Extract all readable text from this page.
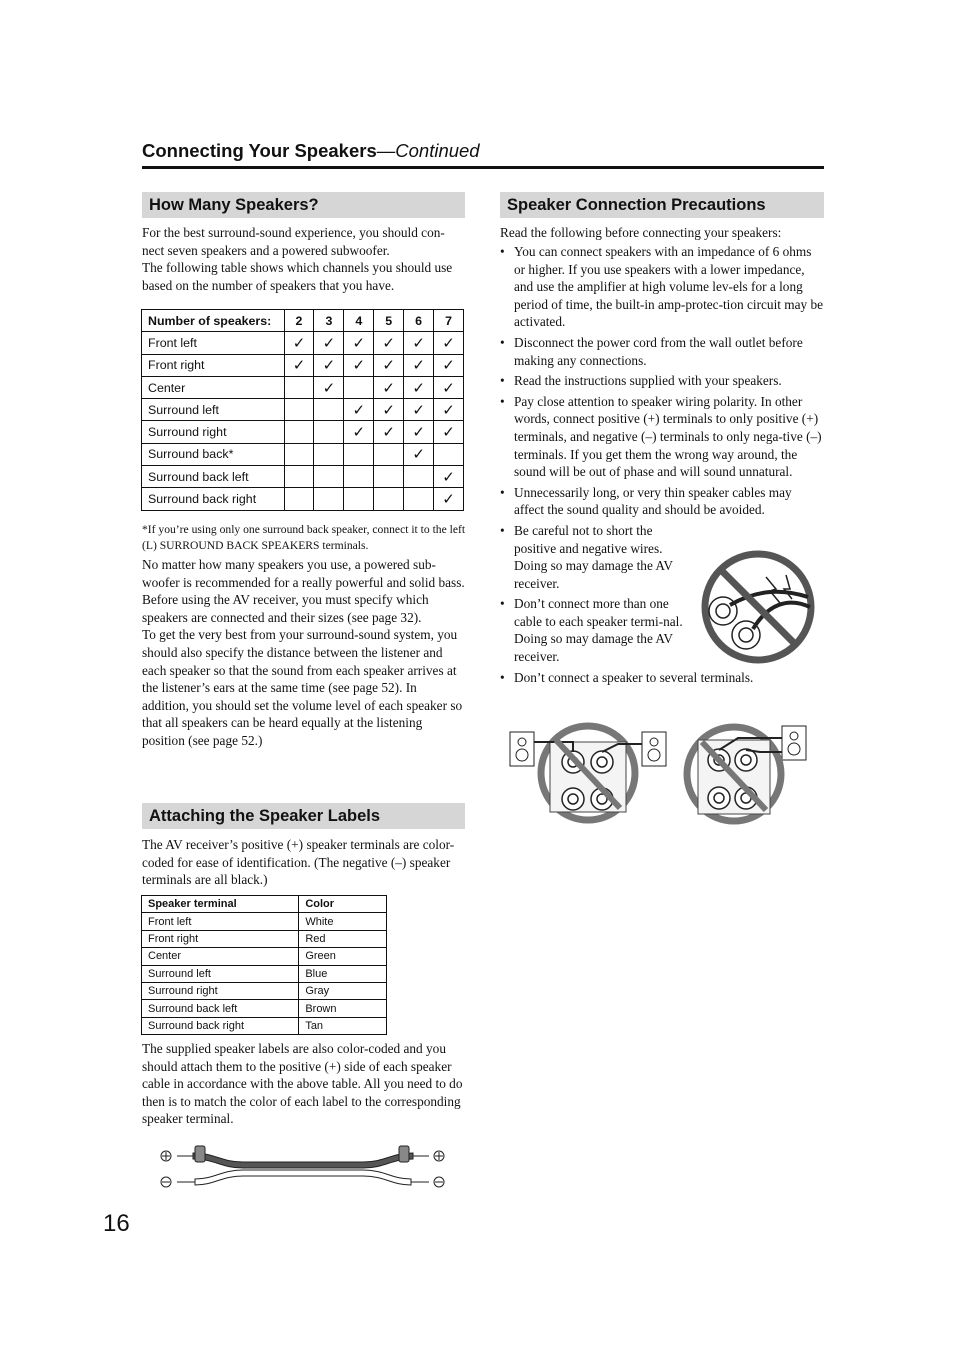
Connecting Your Speakers—Continued
How Many Speakers?

For the best surround-sound experience, you should con-nect seven speakers and a powered subwoofer.

The following table shows which channels you should use based on the number of speakers that you have.

Number of speakers:	2	3	4	5	6	7
Front left	✓	✓	✓	✓	✓	✓
Front right	✓	✓	✓	✓	✓	✓
Center		✓		✓	✓	✓
Surround left			✓	✓	✓	✓
Surround right			✓	✓	✓	✓
Surround back*					✓	
Surround back left						✓
Surround back right						✓
*If you’re using only one surround back speaker, connect it to the left (L) SURROUND BACK SPEAKERS terminals.

No matter how many speakers you use, a powered sub-woofer is recommended for a really powerful and solid bass.

Before using the AV receiver, you must specify which speakers are connected and their sizes (see page 32).

To get the very best from your surround-sound system, you should also specify the distance between the listener and each speaker so that the sound from each speaker arrives at the listener’s ears at the same time (see page 52). In addition, you should set the volume level of each speaker so that all speakers can be heard equally at the listening position (see page 52.)

Attaching the Speaker Labels
The AV receiver’s positive (+) speaker terminals are color-coded for ease of identification. (The negative (–) speaker terminals are all black.)
Speaker terminal	Color
Front left	White
Front right	Red
Center	Green
Surround left	Blue
Surround right	Gray
Surround back left	Brown
Surround back right	Tan
The supplied speaker labels are also color-coded and you should attach them to the positive (+) side of each speaker cable in accordance with the above table. All you need to do then is to match the color of each label to the corresponding speaker terminal.
Speaker Connection Precautions
Read the following before connecting your speakers:
• You can connect speakers with an impedance of 6 ohms or higher. If you use speakers with a lower impedance, and use the amplifier at high volume lev-els for a long period of time, the built-in amp-protec-tion circuit may be activated.
• Disconnect the power cord from the wall outlet before making any connections.
• Read the instructions supplied with your speakers.
• Pay close attention to speaker wiring polarity. In other words, connect positive (+) terminals to only positive (+) terminals, and negative (–) terminals to only nega-tive (–) terminals. If you get them the wrong way around, the sound will be out of phase and will sound unnatural.
• Unnecessarily long, or very thin speaker cables may affect the sound quality and should be avoided.
• Be careful not to short the positive and negative wires. Doing so may damage the AV receiver.
• Don’t connect more than one cable to each speaker termi-nal. Doing so may damage the AV receiver.
• Don’t connect a speaker to several terminals.
16
